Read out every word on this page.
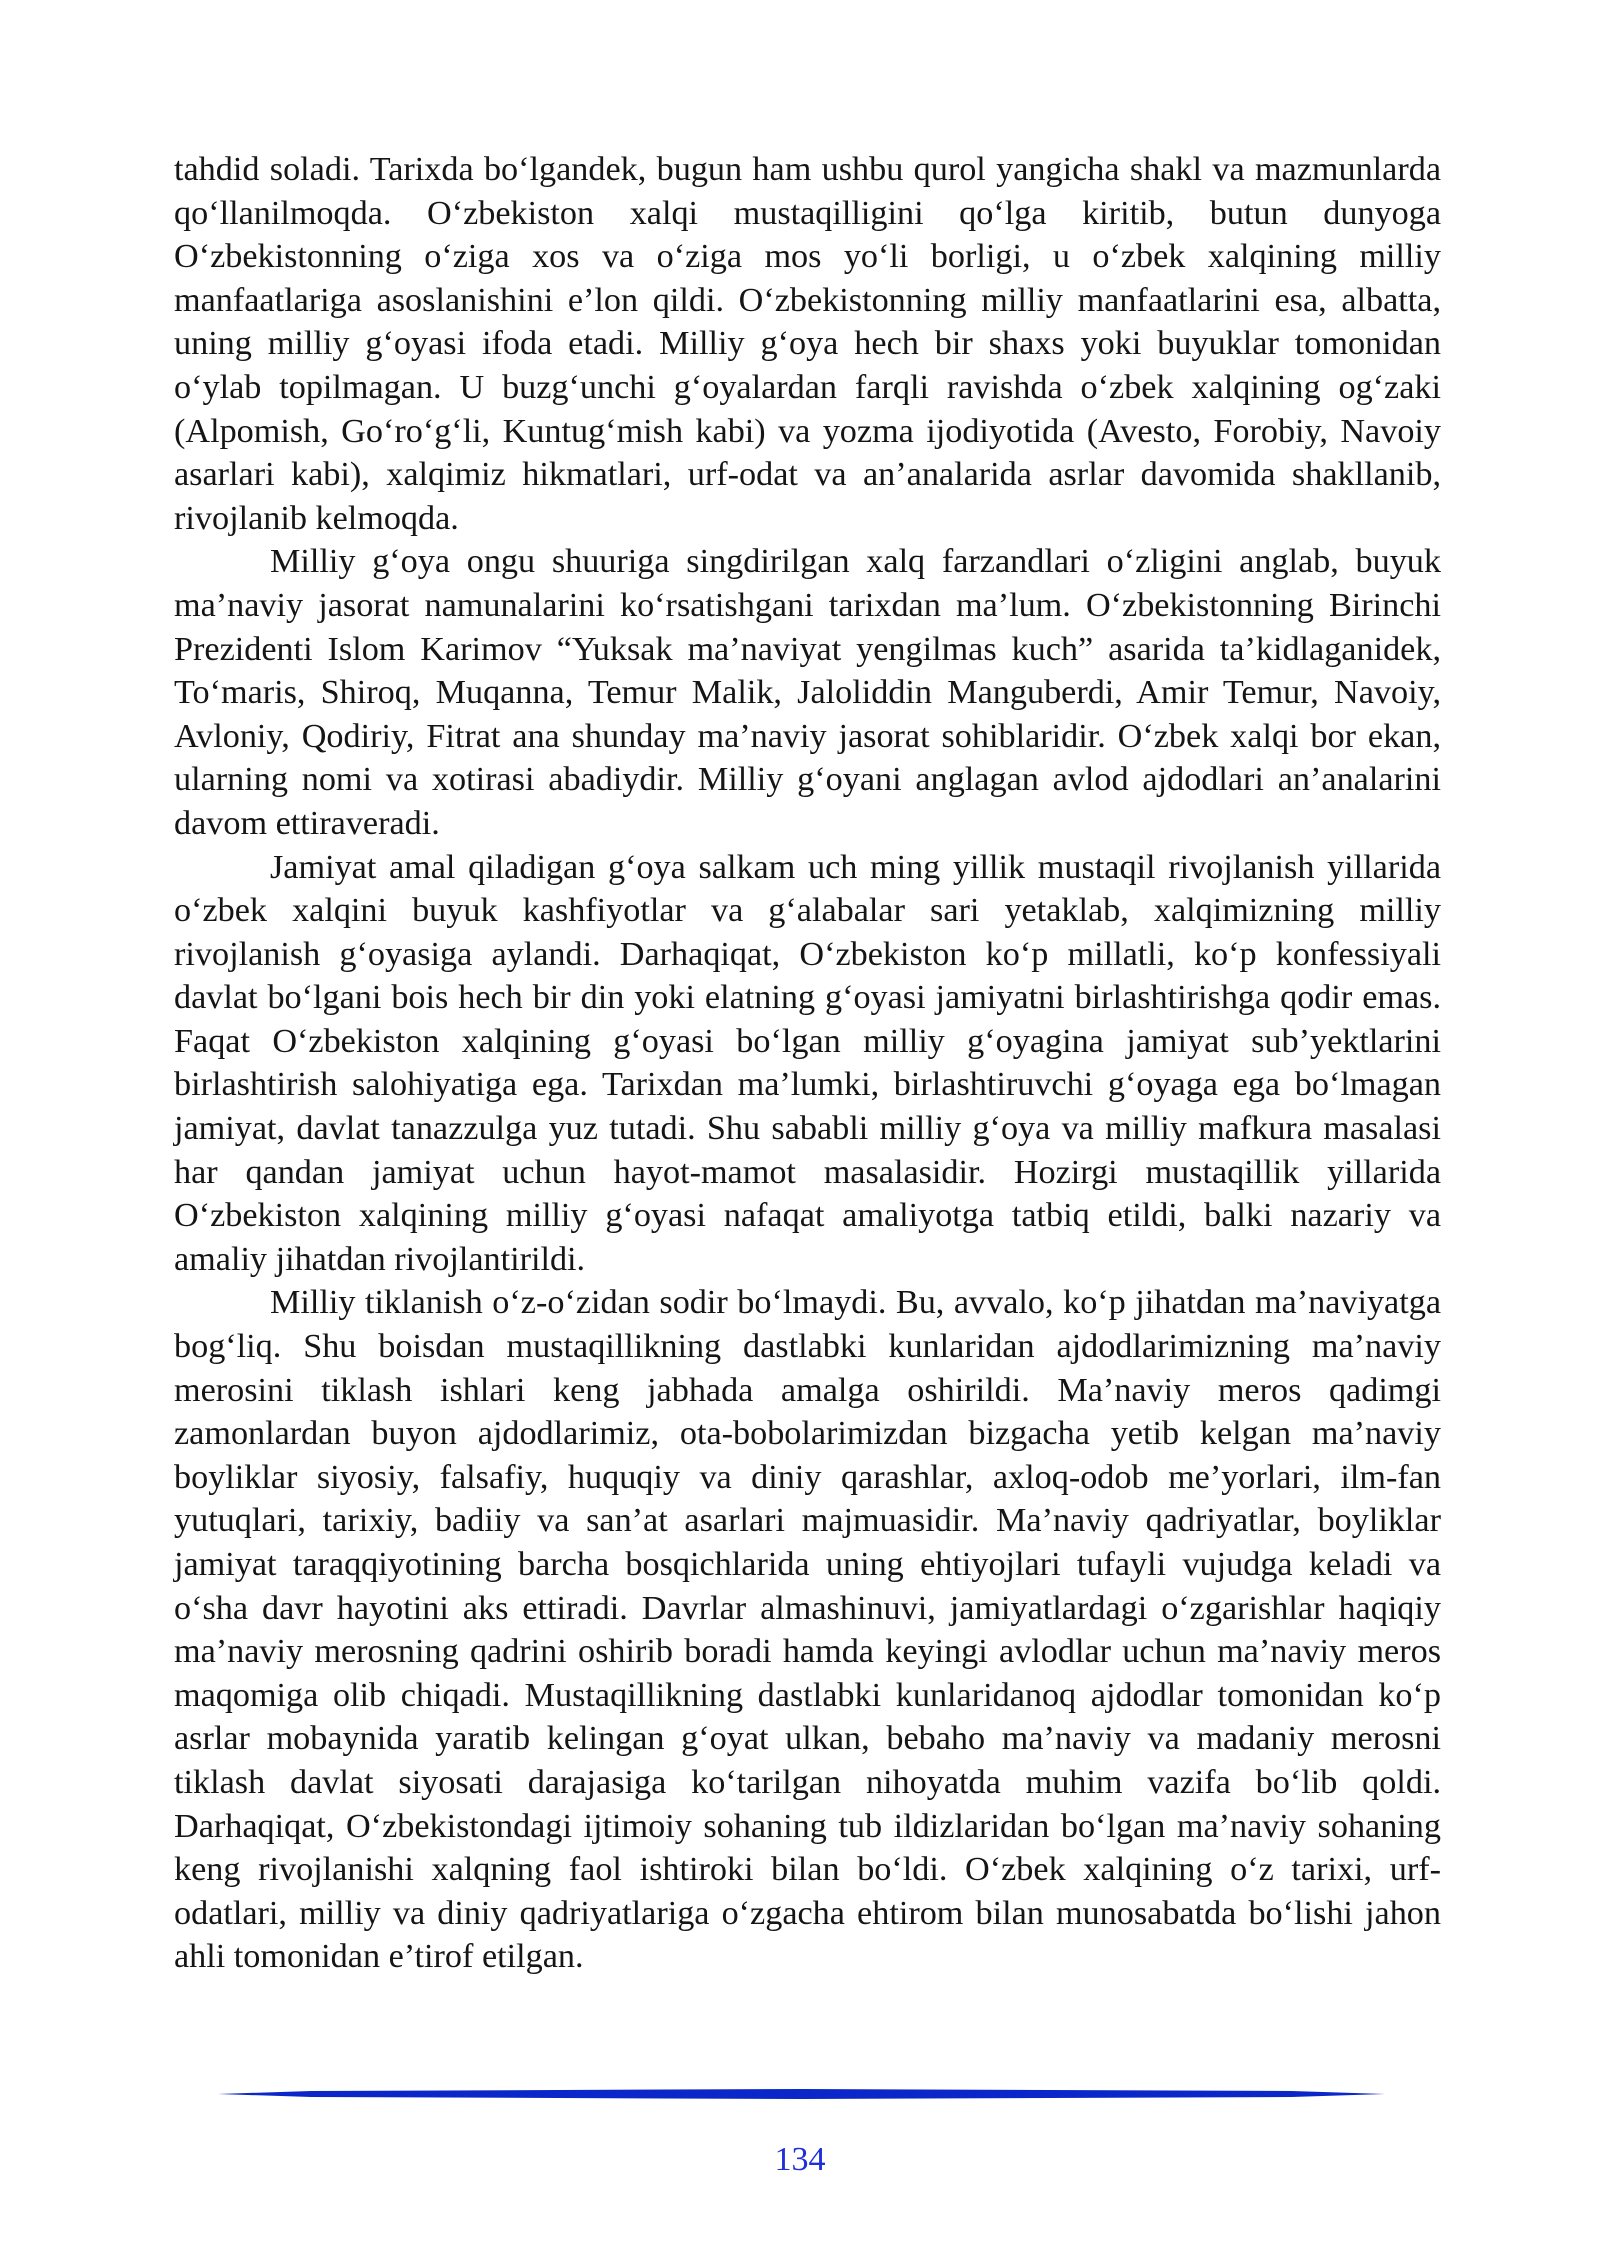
tahdid soladi. Tarixda bo‘lgandek, bugun ham ushbu qurol yangicha shakl va mazmunlarda qo‘llanilmoqda. O‘zbekiston xalqi mustaqilligini qo‘lga kiritib, butun dunyoga O‘zbekistonning o‘ziga xos va o‘ziga mos yo‘li borligi, u o‘zbek xalqining milliy manfaatlariga asoslanishini e’lon qildi. O‘zbekistonning milliy manfaatlarini esa, albatta, uning milliy g‘oyasi ifoda etadi. Milliy g‘oya hech bir shaxs yoki buyuklar tomonidan o‘ylab topilmagan. U buzg‘unchi g‘oyalardan farqli ravishda o‘zbek xalqining og‘zaki (Alpomish, Go‘ro‘g‘li, Kuntug‘mish kabi) va yozma ijodiyotida (Avesto, Forobiy, Navoiy asarlari kabi), xalqimiz hikmatlari, urf-odat va an’analarida asrlar davomida shakllanib, rivojlanib kelmoqda.

Milliy g‘oya ongu shuuriga singdirilgan xalq farzandlari o‘zligini anglab, buyuk ma’naviy jasorat namunalarini ko‘rsatishgani tarixdan ma’lum. O‘zbekistonning Birinchi Prezidenti Islom Karimov “Yuksak ma’naviyat yengilmas kuch” asarida ta’kidlaganidek, To‘maris, Shiroq, Muqanna, Temur Malik, Jaloliddin Manguberdi, Amir Temur, Navoiy, Avloniy, Qodiriy, Fitrat ana shunday ma’naviy jasorat sohiblaridir. O‘zbek xalqi bor ekan, ularning nomi va xotirasi abadiydir. Milliy g‘oyani anglagan avlod ajdodlari an’analarini davom ettiraveradi.

Jamiyat amal qiladigan g‘oya salkam uch ming yillik mustaqil rivojlanish yillarida o‘zbek xalqini buyuk kashfiyotlar va g‘alabalar sari yetaklab, xalqimizning milliy rivojlanish g‘oyasiga aylandi. Darhaqiqat, O‘zbekiston ko‘p millatli, ko‘p konfessiyali davlat bo‘lgani bois hech bir din yoki elatning g‘oyasi jamiyatni birlashtirishga qodir emas. Faqat O‘zbekiston xalqining g‘oyasi bo‘lgan milliy g‘oyagina jamiyat sub’yektlarini birlashtirish salohiyatiga ega. Tarixdan ma’lumki, birlashtiruvchi g‘oyaga ega bo‘lmagan jamiyat, davlat tanazzulga yuz tutadi. Shu sababli milliy g‘oya va milliy mafkura masalasi har qandan jamiyat uchun hayot-mamot masalasidir. Hozirgi mustaqillik yillarida O‘zbekiston xalqining milliy g‘oyasi nafaqat amaliyotga tatbiq etildi, balki nazariy va amaliy jihatdan rivojlantirildi.

Milliy tiklanish o‘z-o‘zidan sodir bo‘lmaydi. Bu, avvalo, ko‘p jihatdan ma’naviyatga bog‘liq. Shu boisdan mustaqillikning dastlabki kunlaridan ajdodlarimizning ma’naviy merosini tiklash ishlari keng jabhada amalga oshirildi. Ma’naviy meros qadimgi zamonlardan buyon ajdodlarimiz, ota-bobolarimizdan bizgacha yetib kelgan ma’naviy boyliklar siyosiy, falsafiy, huquqiy va diniy qarashlar, axloq-odob me’yorlari, ilm-fan yutuqlari, tarixiy, badiiy va san’at asarlari majmuasidir. Ma’naviy qadriyatlar, boyliklar jamiyat taraqqiyotining barcha bosqichlarida uning ehtiyojlari tufayli vujudga keladi va o‘sha davr hayotini aks ettiradi. Davrlar almashinuvi, jamiyatlardagi o‘zgarishlar haqiqiy ma’naviy merosning qadrini oshirib boradi hamda keyingi avlodlar uchun ma’naviy meros maqomiga olib chiqadi. Mustaqillikning dastlabki kunlaridanoq ajdodlar tomonidan ko‘p asrlar mobaynida yaratib kelingan g‘oyat ulkan, bebaho ma’naviy va madaniy merosni tiklash davlat siyosati darajasiga ko‘tarilgan nihoyatda muhim vazifa bo‘lib qoldi. Darhaqiqat, O‘zbekistondagi ijtimoiy sohaning tub ildizlaridan bo‘lgan ma’naviy sohaning keng rivojlanishi xalqning faol ishtiroki bilan bo‘ldi. O‘zbek xalqining o‘z tarixi, urf-odatlari, milliy va diniy qadriyatlariga o‘zgacha ehtirom bilan munosabatda bo‘lishi jahon ahli tomonidan e’tirof etilgan.

134
